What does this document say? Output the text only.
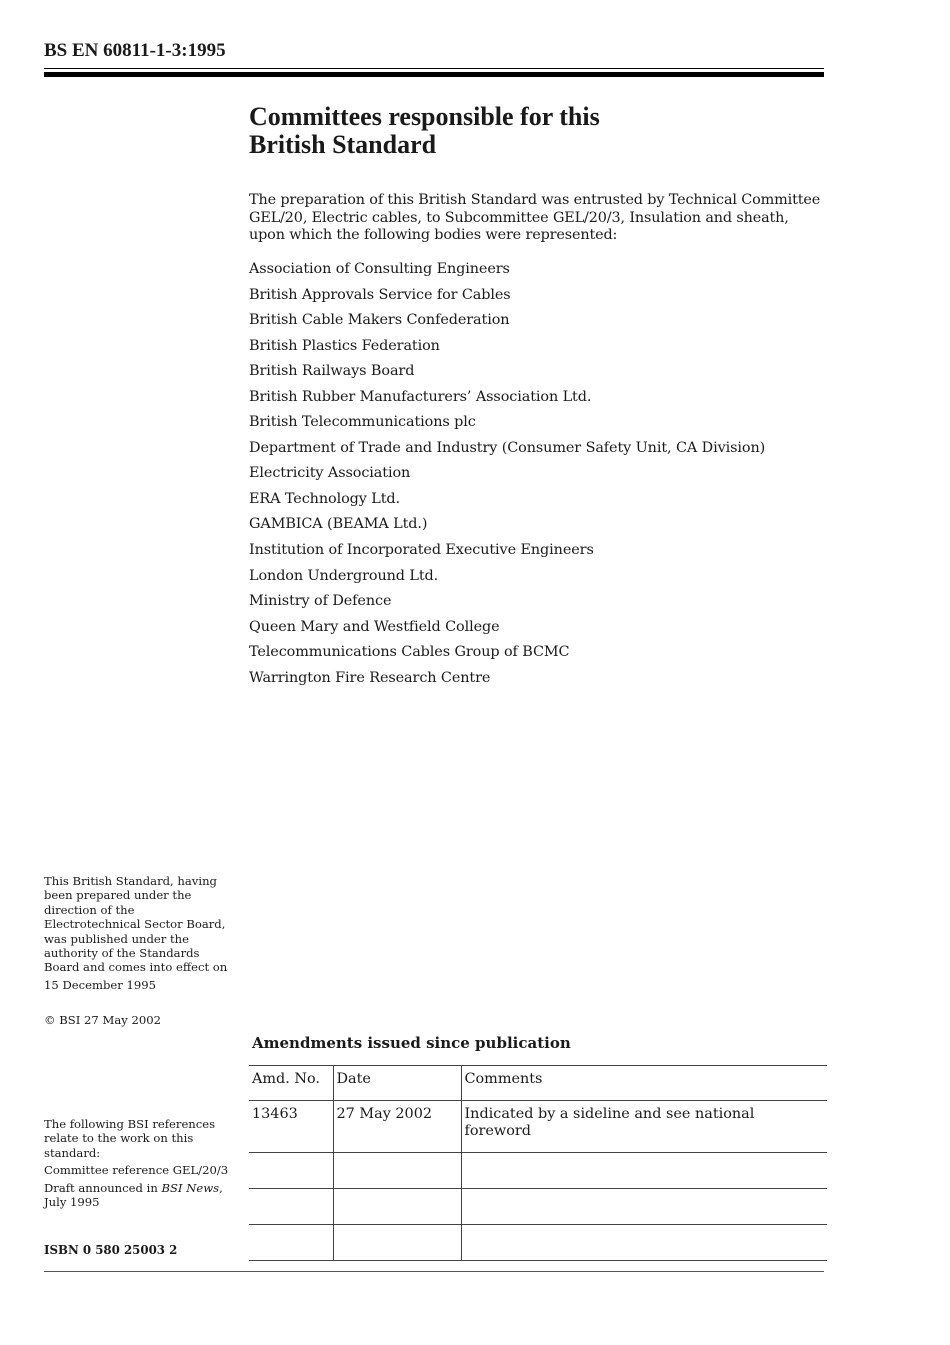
BS EN 60811-1-3:1995
Committees responsible for this
British Standard

The preparation of this British Standard was entrusted by Technical Committee GEL/20, Electric cables, to Subcommittee GEL/20/3, Insulation and sheath, upon which the following bodies were represented:

Association of Consulting Engineers
British Approvals Service for Cables
British Cable Makers Confederation
British Plastics Federation
British Railways Board
British Rubber Manufacturers’ Association Ltd.
British Telecommunications plc
Department of Trade and Industry (Consumer Safety Unit, CA Division)
Electricity Association
ERA Technology Ltd.
GAMBICA (BEAMA Ltd.)
Institution of Incorporated Executive Engineers
London Underground Ltd.
Ministry of Defence
Queen Mary and Westfield College
Telecommunications Cables Group of BCMC
Warrington Fire Research Centre
This British Standard, having been prepared under the direction of the Electrotechnical Sector Board, was published under the authority of the Standards Board and comes into effect on
15 December 1995
© BSI 27 May 2002
The following BSI references relate to the work on this standard:
Committee reference GEL/20/3
Draft announced in BSI News, July 1995
ISBN 0 580 25003 2
Amendments issued since publication
Amd. No.	Date	Comments
13463	27 May 2002	Indicated by a sideline and see national foreword
